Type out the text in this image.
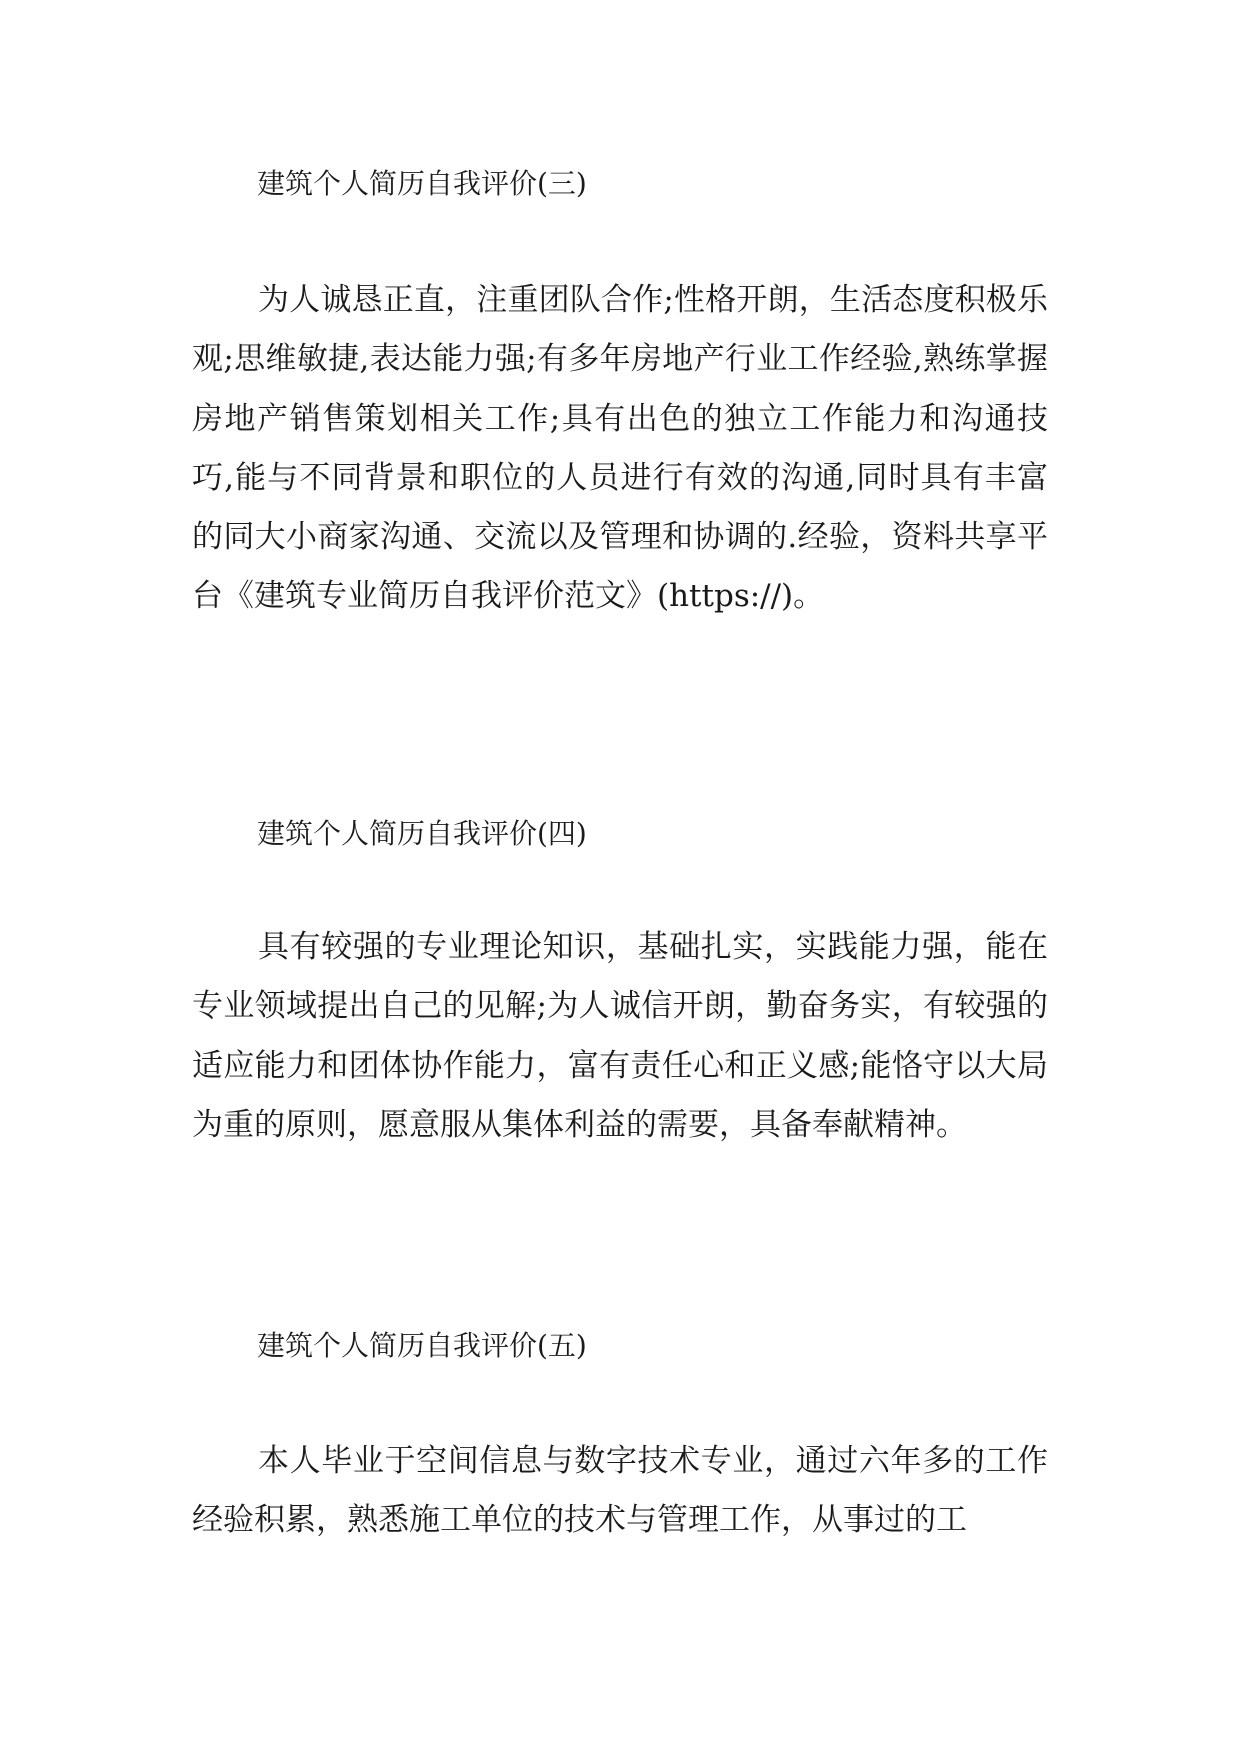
建筑个人简历自我评价(三)

为人诚恳正直，注重团队合作;性格开朗，生活态度积极乐观;思维敏捷,表达能力强;有多年房地产行业工作经验,熟练掌握房地产销售策划相关工作;具有出色的独立工作能力和沟通技巧,能与不同背景和职位的人员进行有效的沟通,同时具有丰富的同大小商家沟通、交流以及管理和协调的.经验，资料共享平台《建筑专业简历自我评价范文》(https://)。

建筑个人简历自我评价(四)

具有较强的专业理论知识，基础扎实，实践能力强，能在专业领域提出自己的见解;为人诚信开朗，勤奋务实，有较强的适应能力和团体协作能力，富有责任心和正义感;能恪守以大局为重的原则，愿意服从集体利益的需要，具备奉献精神。

建筑个人简历自我评价(五)

本人毕业于空间信息与数字技术专业，通过六年多的工作经验积累，熟悉施工单位的技术与管理工作，从事过的工
